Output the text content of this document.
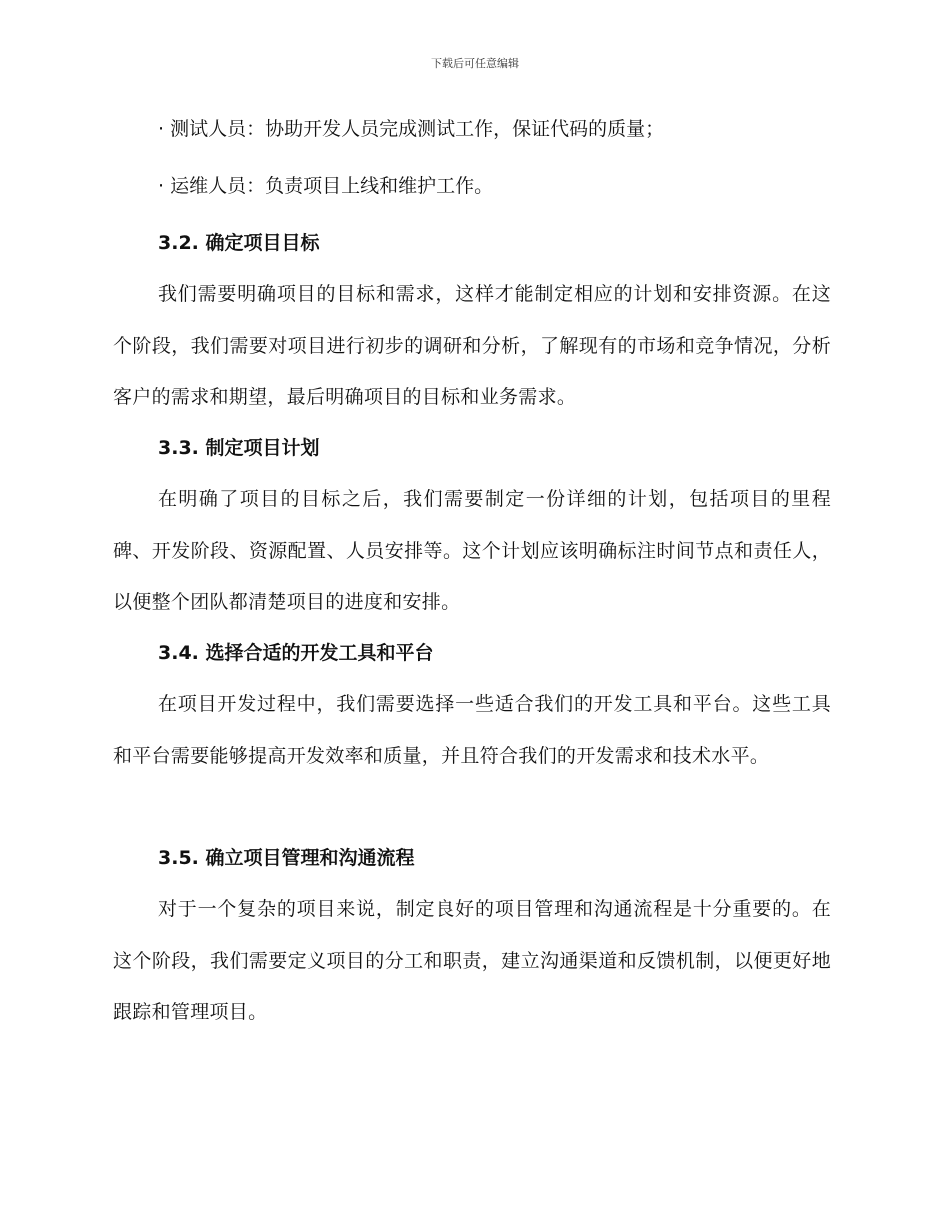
下载后可任意编辑
· 测试人员：协助开发人员完成测试工作，保证代码的质量；
· 运维人员：负责项目上线和维护工作。
3.2. 确定项目目标
我们需要明确项目的目标和需求，这样才能制定相应的计划和安排资源。在这个阶段，我们需要对项目进行初步的调研和分析，了解现有的市场和竞争情况，分析客户的需求和期望，最后明确项目的目标和业务需求。
3.3. 制定项目计划
在明确了项目的目标之后，我们需要制定一份详细的计划，包括项目的里程碑、开发阶段、资源配置、人员安排等。这个计划应该明确标注时间节点和责任人，以便整个团队都清楚项目的进度和安排。
3.4. 选择合适的开发工具和平台
在项目开发过程中，我们需要选择一些适合我们的开发工具和平台。这些工具和平台需要能够提高开发效率和质量，并且符合我们的开发需求和技术水平。
3.5. 确立项目管理和沟通流程
对于一个复杂的项目来说，制定良好的项目管理和沟通流程是十分重要的。在这个阶段，我们需要定义项目的分工和职责，建立沟通渠道和反馈机制，以便更好地跟踪和管理项目。
